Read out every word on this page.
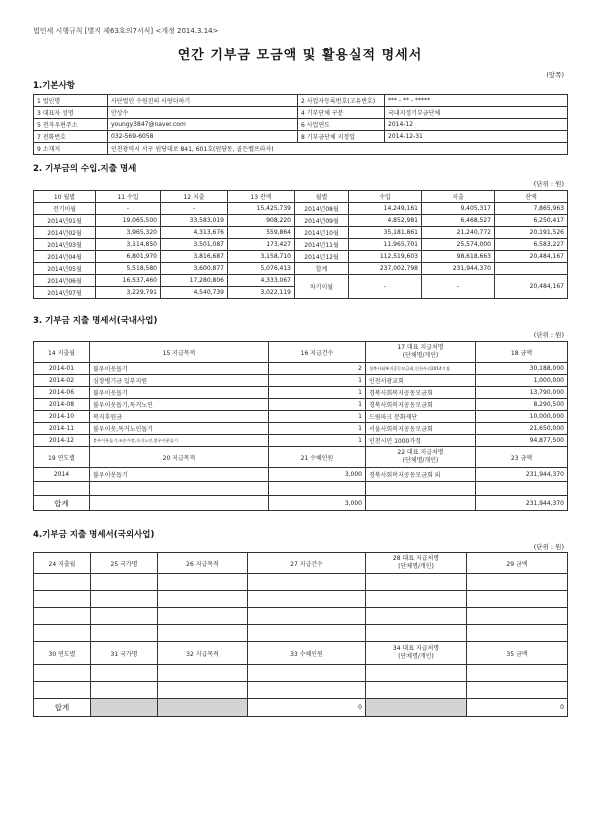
법인세 시행규칙 [별지 제63호의7서식] <개정 2014.3.14>
연간 기부금 모금액 및 활용실적 명세서
(앞쪽)
1.기본사항
1 법인명	사단법인 수원진의 사랑더하기	2 사업자등록번호(고유번호)	*** - ** - *****
3 대표자 성명	안상수	4 기부단체 구분	국내지정기부금단체
5 전자우편주소	youngy3847@naver.com	6 사업연도	2014-12
7 전화번호	032-569-6058	8 기부금단체 지정일	2014-12-31
9 소재지	인천광역시 서구 원당대로 841, 601호(원당동, 골든벨프라자)		
2. 기부금의 수입.지출 명세
(단위 : 원)
10 월별	11 수입	12 지출	13 잔액	월별	수입	지출	잔액
전기이월	-	-	15,425,739	2014년08월	14,249,161	9,405,317	7,865,963
2014년01월	19,065,500	33,583,019	908,220	2014년09월	4,852,981	6,468,527	6,250,417
2014년02월	3,965,320	4,313,676	559,864	2014년10월	35,181,861	21,240,772	20,191,526
2014년03월	3,114,850	3,501,087	173,427	2014년11월	11,965,701	25,574,000	6,583,227
2014년04월	6,801,970	3,816,687	3,158,710	2014년12월	112,519,603	98,618,663	20,484,167
2014년05월	5,518,580	3,600,877	5,076,413	합계	237,002,798	231,944,370	
2014년06월	16,537,460	17,280,806	4,333,067	차기이월	-	-	20,484,167
2014년07월	3,229,791	4,540,739	3,022,119				
3. 기부금 지출 명세서(국내사업)
(단위 : 원)
14 지출월	15 지급목적	16 지급건수	17 대표 지급처명
(단체명/개인)	18 금액
2014-01	불우이웃돕기	2	경북사회복지공동모금회,인천사선2014기점	30,188,000
2014-02	심장병기금 일부지원	1	인천서광교회	1,000,000
2014-06	불우이웃돕기	1	경북사회복지공동모금회	13,790,000
2014-08	불우이웃돕기,독거노인	1	경북사회복지공동모금회	8,290,500
2014-10	복지후원금	1	드림파크 문화재단	10,000,000
2014-11	불우이웃,독거노인돕기	1	서울사회복지공동모금회	21,650,000
2014-12	불우이웃돕기,조손가정,독거노인,불우이웃돕기	1	인천시민 1000가정	94,877,500
19 연도별	20 지급목적	21 수혜인원	22 대표 지급처명
(단체명/개인)	23 금액
2014	불우이웃돕기	3,000	경북사회복지공동모금회 외	231,944,370

합계		3,000		231,944,370
4.기부금 지출 명세서(국외사업)
(단위 : 원)
24 지출월	25 국가명	26 지급목적	27 지급건수	28 대표 지급처명
(단체명/개인)	29 금액

30 연도별	31 국가명	32 지급목적	33 수혜인원	34 대표 지급처명
(단체명/개인)	35 금액

합계			0		0
